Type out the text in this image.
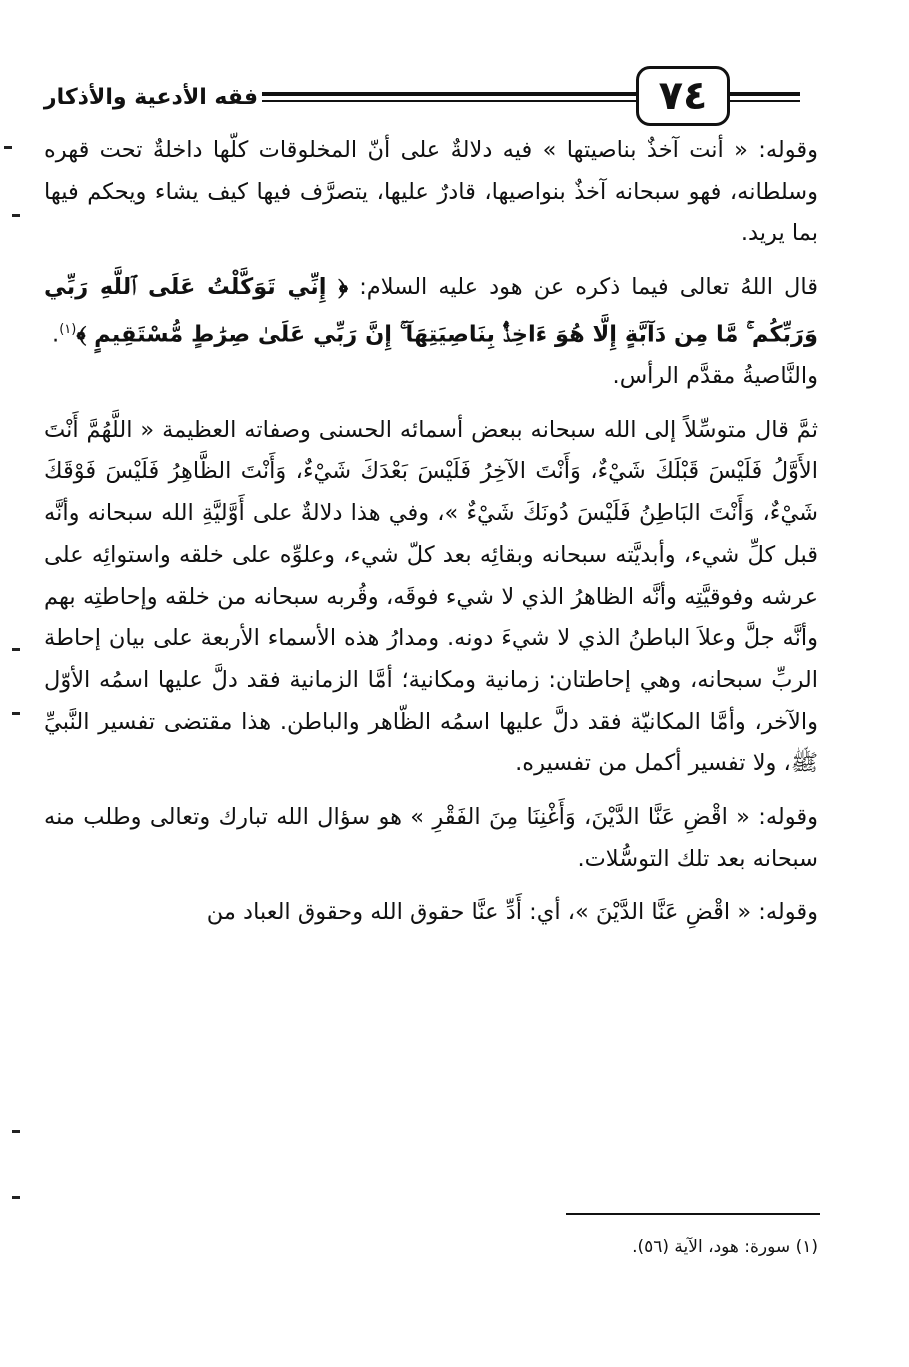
٧٤
فقه الأدعية والأذكار

وقوله: « أنت آخذٌ بناصيتها » فيه دلالةٌ على أنّ المخلوقات كلّها داخلةٌ تحت قهره وسلطانه، فهو سبحانه آخذٌ بنواصيها، قادرٌ عليها، يتصرَّف فيها كيف يشاء ويحكم فيها بما يريد.

قال اللهُ تعالى فيما ذكره عن هود عليه السلام: ﴿ إِنِّي تَوَكَّلْتُ عَلَى ٱللَّهِ رَبِّي وَرَبِّكُم ۚ مَّا مِن دَآبَّةٍ إِلَّا هُوَ ءَاخِذٌۢ بِنَاصِيَتِهَآ ۚ إِنَّ رَبِّي عَلَىٰ صِرَٰطٍ مُّسْتَقِيمٍ ﴾$^{(١)}$.

والنَّاصيةُ مقدَّم الرأس.

ثمَّ قال متوسِّلاً إلى الله سبحانه ببعض أسمائه الحسنى وصفاته العظيمة « اللَّهُمَّ أَنْتَ الأَوَّلُ فَلَيْسَ قَبْلَكَ شَيْءٌ، وَأَنْتَ الآخِرُ فَلَيْسَ بَعْدَكَ شَيْءٌ، وَأَنْتَ الظَّاهِرُ فَلَيْسَ فَوْقَكَ شَيْءٌ، وَأَنْتَ البَاطِنُ فَلَيْسَ دُونَكَ شَيْءٌ »، وفي هذا دلالةٌ على أَوَّليَّةِ الله سبحانه وأنَّه قبل كلِّ شيء، وأبديَّته سبحانه وبقائِه بعد كلّ شيء، وعلوِّه على خلقه واستوائِه على عرشه وفوقيَّتِه وأنَّه الظاهرُ الذي لا شيء فوقَه، وقُربه سبحانه من خلقه وإحاطتِه بهم وأنَّه جلَّ وعلاَ الباطنُ الذي لا شيءَ دونه. ومدارُ هذه الأسماء الأربعة على بيان إحاطة الربِّ سبحانه، وهي إحاطتان: زمانية ومكانية؛ أمَّا الزمانية فقد دلَّ عليها اسمُه الأوّل والآخر، وأمَّا المكانيّة فقد دلَّ عليها اسمُه الظّاهر والباطن. هذا مقتضى تفسير النَّبيِّ ﷺ، ولا تفسير أكمل من تفسيره.

وقوله: « اقْضِ عَنَّا الدَّيْنَ، وَأَغْنِنَا مِنَ الفَقْرِ » هو سؤال الله تبارك وتعالى وطلب منه سبحانه بعد تلك التوسُّلات.

وقوله: « اقْضِ عَنَّا الدَّيْنَ »، أي: أَدِّ عنَّا حقوق الله وحقوق العباد من

(١) سورة: هود، الآية (٥٦).
